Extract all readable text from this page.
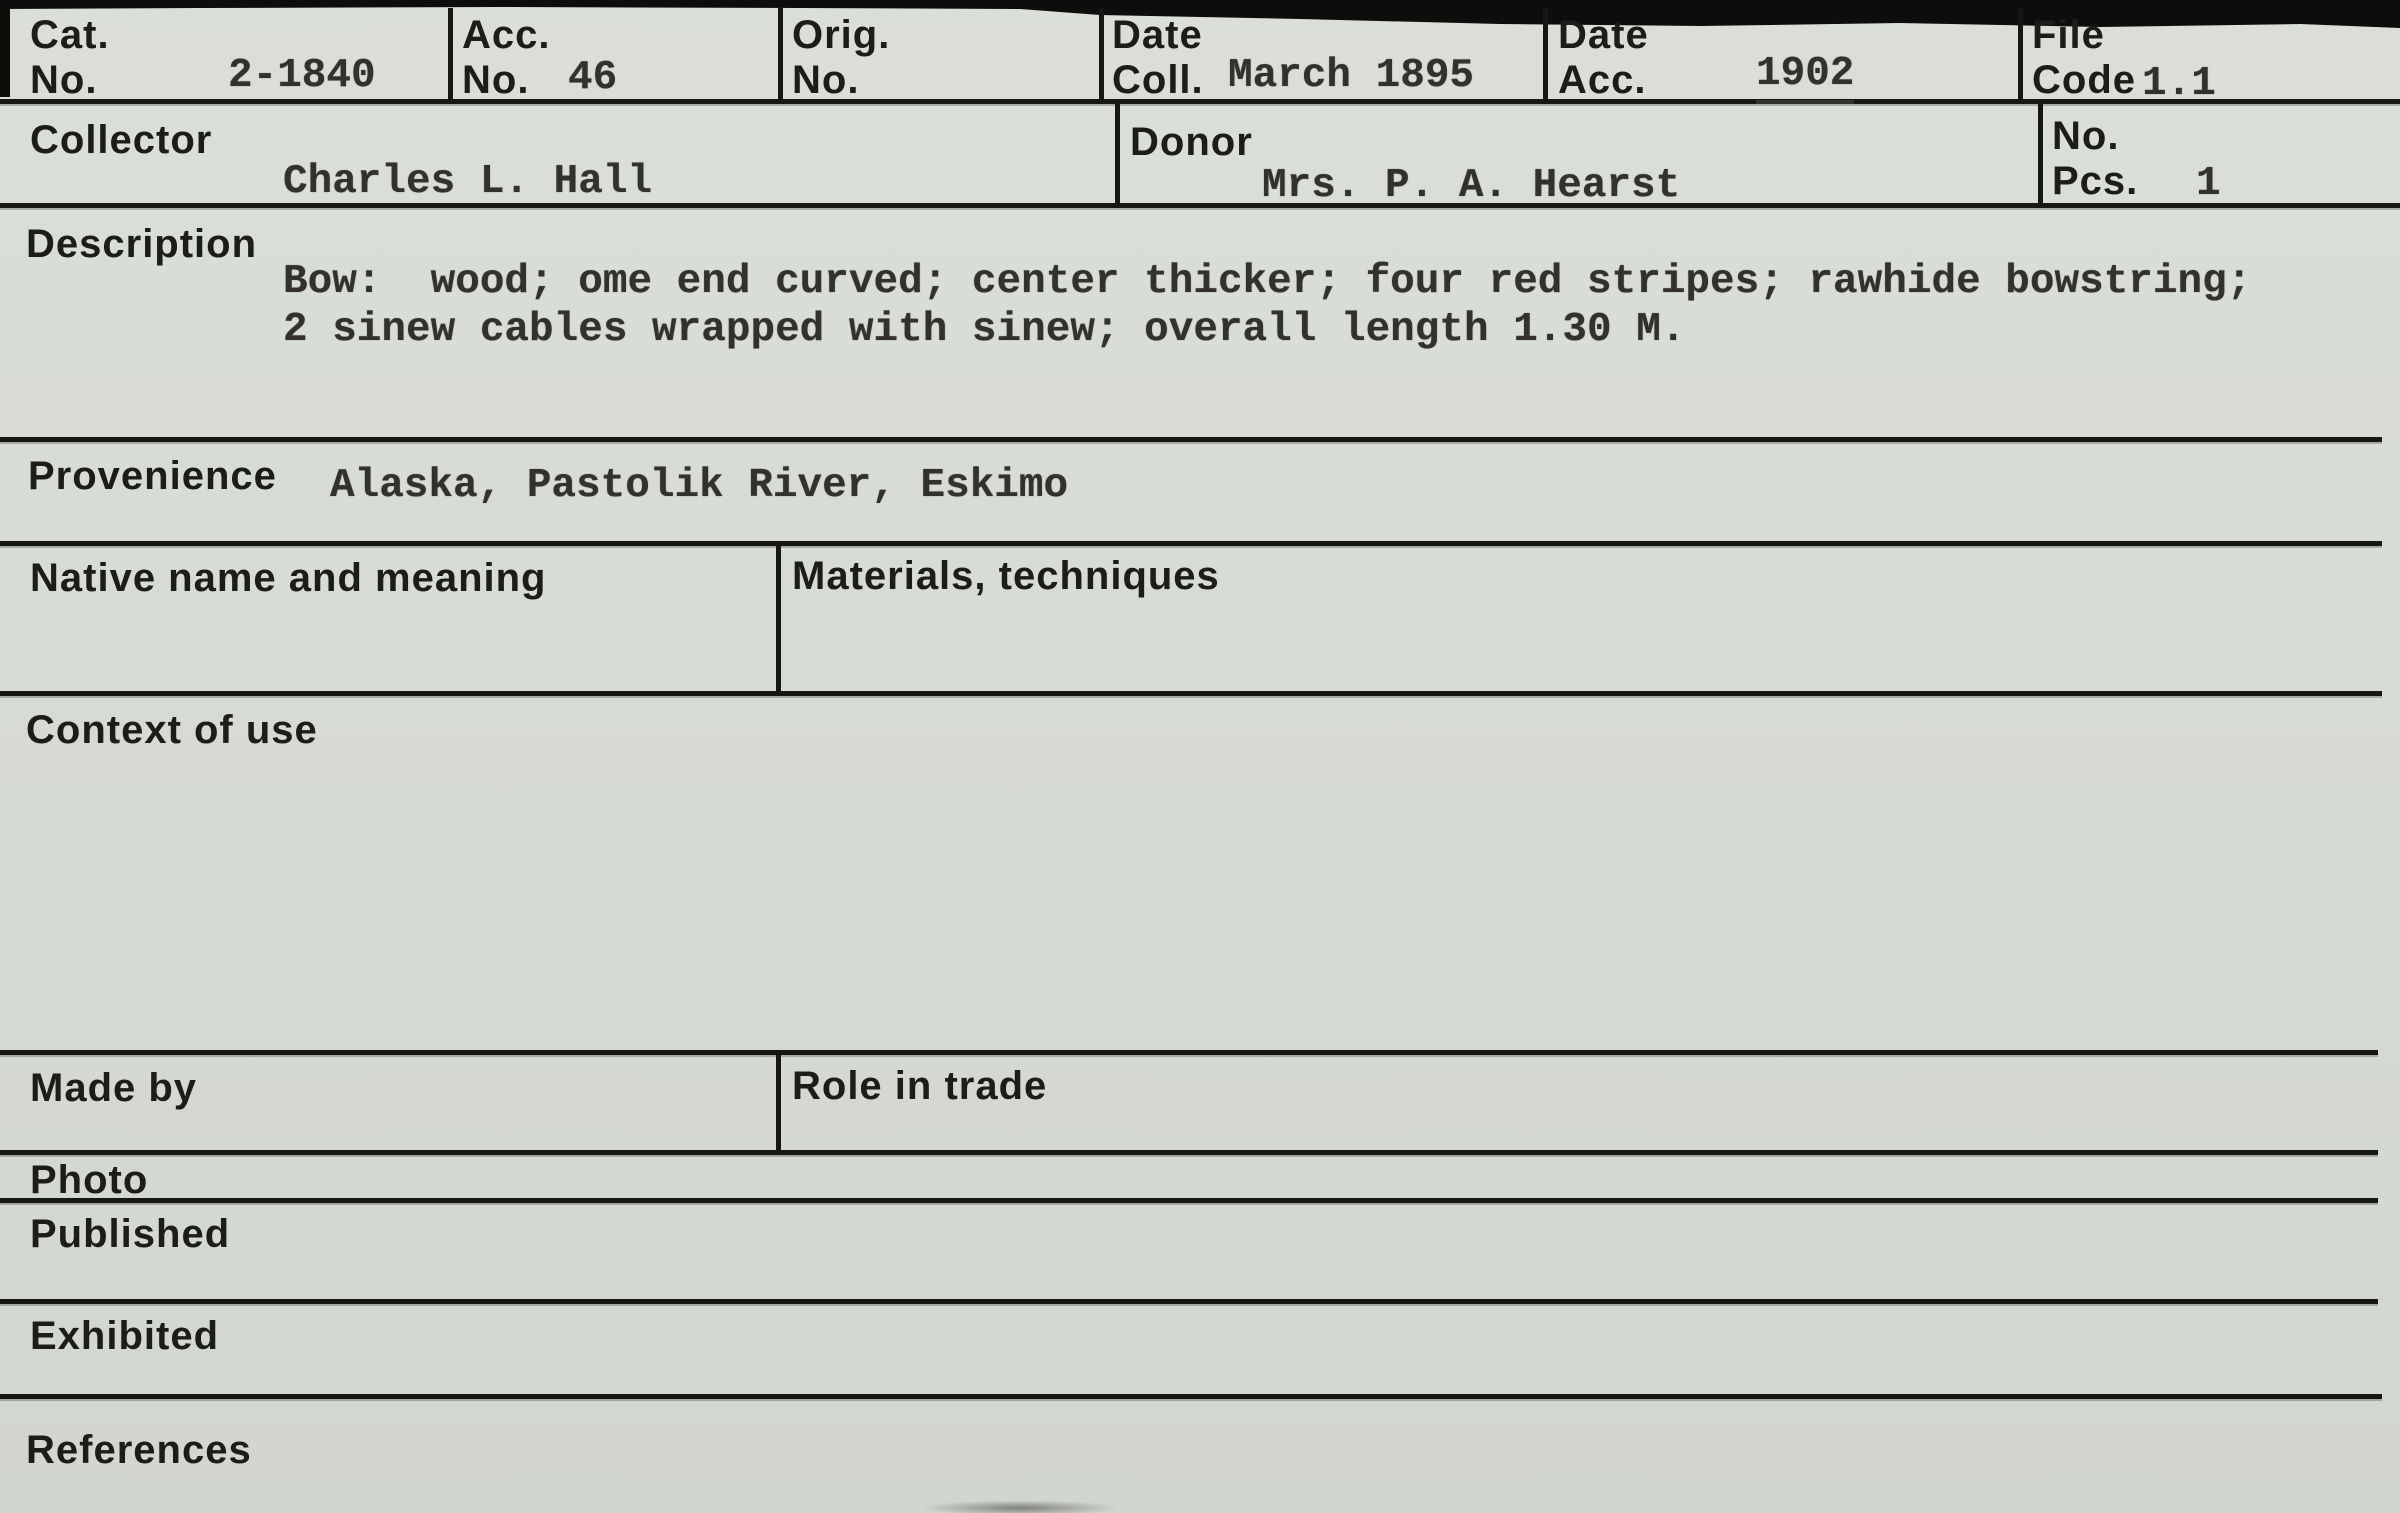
Cat.
No.	2-1840
Acc.
No. 46
Orig.
No.
Date
Coll. March 1895
Date
Acc.	1902
File
Code 1.1
Collector
Charles L. Hall
Donor
Mrs. P. A. Hearst
No.
Pcs. 1
Description
Bow:  wood; ome end curved; center thicker; four red stripes; rawhide bowstring;
2 sinew cables wrapped with sinew; overall length 1.30 M.
Provenience Alaska, Pastolik River, Eskimo
Native name and meaning	Materials, techniques
Context of use
Made by	Role in trade
Photo
Published
Exhibited
References
